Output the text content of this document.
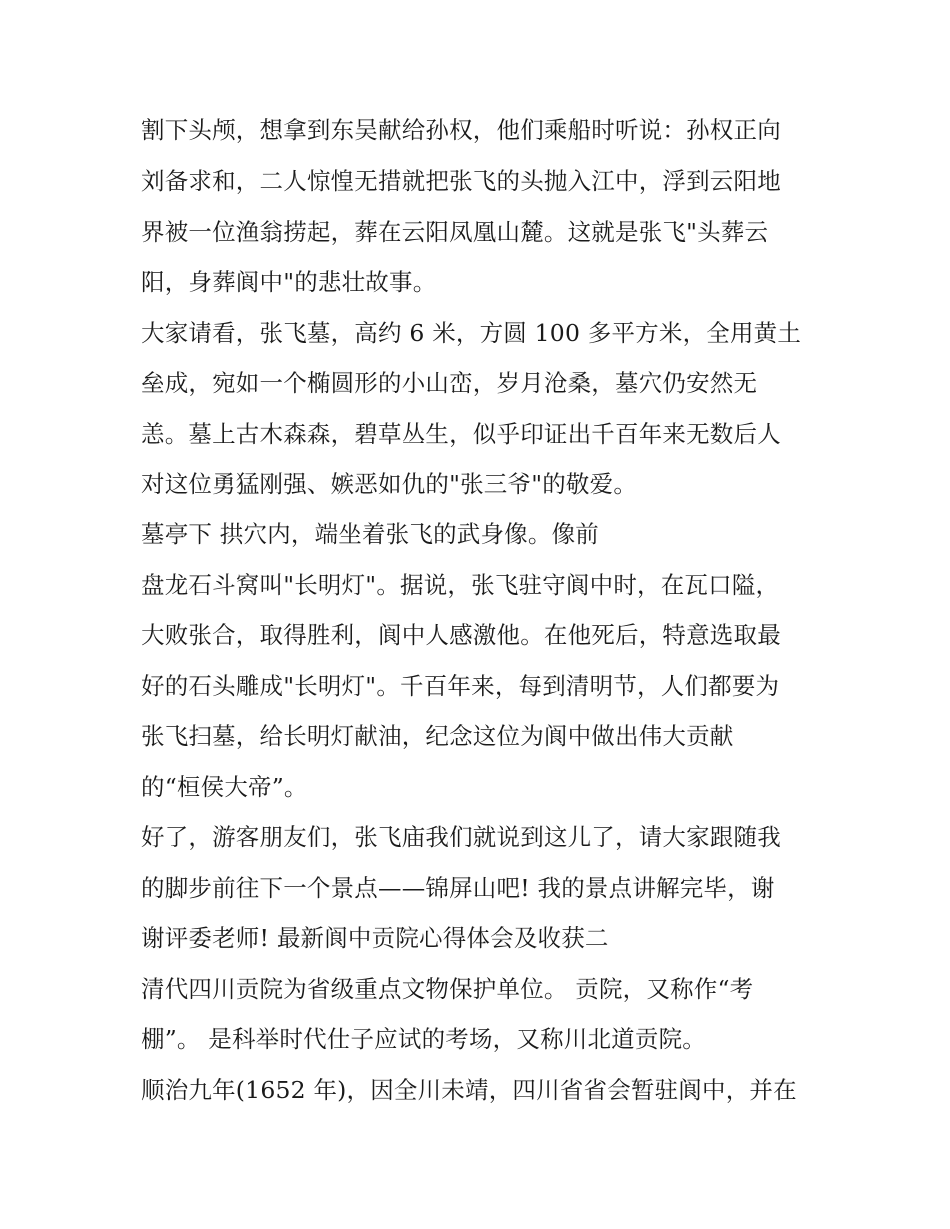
割下头颅，想拿到东吴献给孙权，他们乘船时听说：孙权正向
刘备求和，二人惊惶无措就把张飞的头抛入江中，浮到云阳地
界被一位渔翁捞起，葬在云阳凤凰山麓。这就是张飞"头葬云
阳，身葬阆中"的悲壮故事。
大家请看，张飞墓，高约 6 米，方圆 100 多平方米，全用黄土
垒成，宛如一个椭圆形的小山峦，岁月沧桑，墓穴仍安然无
恙。墓上古木森森，碧草丛生，似乎印证出千百年来无数后人
对这位勇猛刚强、嫉恶如仇的"张三爷"的敬爱。
墓亭下 拱穴内，端坐着张飞的武身像。像前
盘龙石斗窝叫"长明灯"。据说，张飞驻守阆中时，在瓦口隘，
大败张合，取得胜利，阆中人感激他。在他死后，特意选取最
好的石头雕成"长明灯"。千百年来，每到清明节，人们都要为
张飞扫墓，给长明灯献油，纪念这位为阆中做出伟大贡献
的“桓侯大帝”。
好了，游客朋友们，张飞庙我们就说到这儿了，请大家跟随我
的脚步前往下一个景点——锦屏山吧! 我的景点讲解完毕，谢
谢评委老师! 最新阆中贡院心得体会及收获二
清代四川贡院为省级重点文物保护单位。 贡院，又称作“考
棚”。 是科举时代仕子应试的考场，又称川北道贡院。
顺治九年(1652 年)，因全川未靖，四川省省会暂驻阆中，并在
